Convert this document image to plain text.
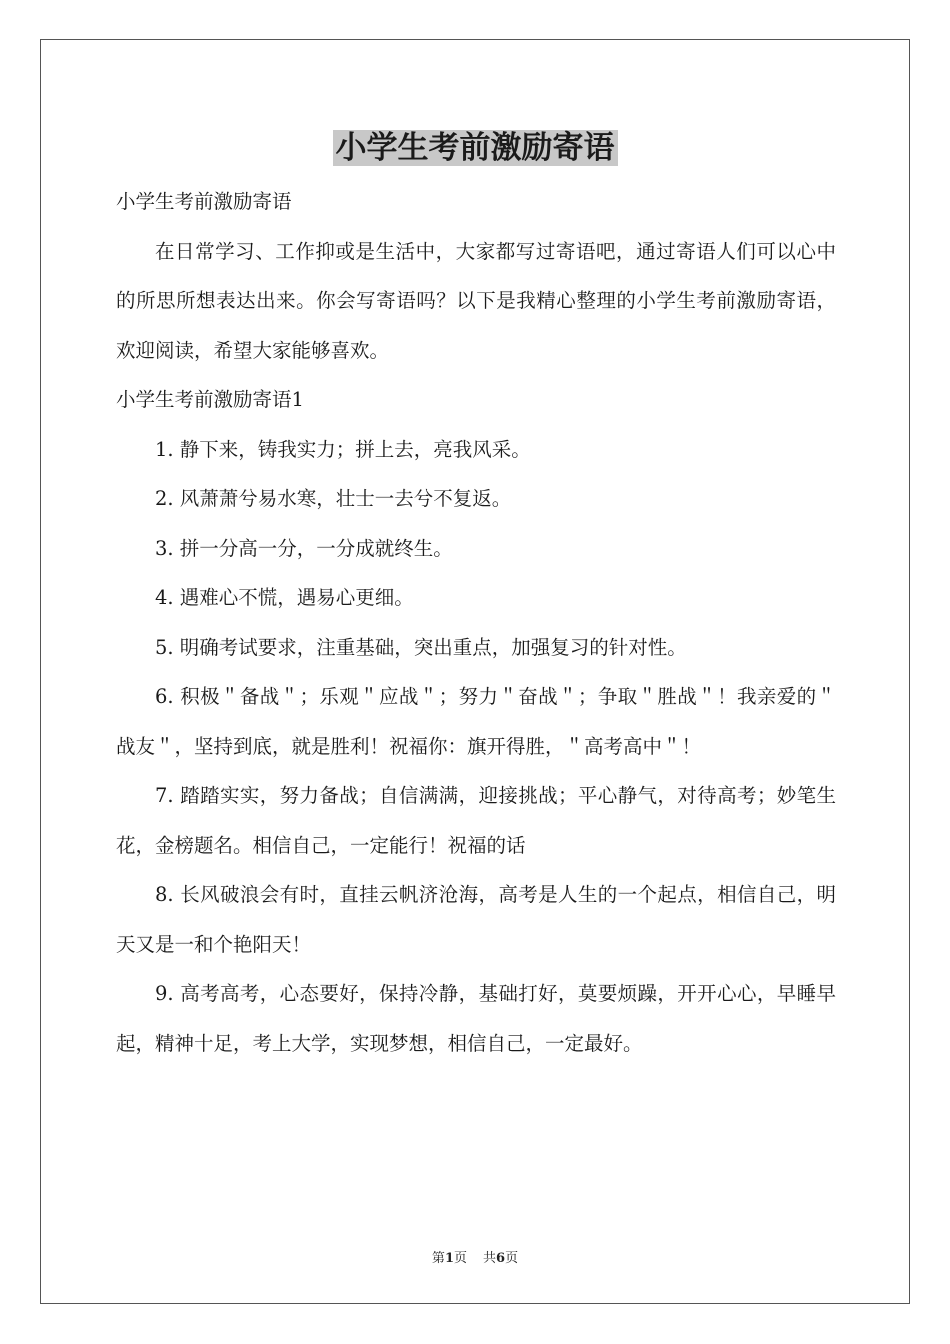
小学生考前激励寄语

小学生考前激励寄语

在日常学习、工作抑或是生活中，大家都写过寄语吧，通过寄语人们可以心中的所思所想表达出来。你会写寄语吗？以下是我精心整理的小学生考前激励寄语，欢迎阅读，希望大家能够喜欢。

小学生考前激励寄语1

1. 静下来，铸我实力；拼上去，亮我风采。

2. 风萧萧兮易水寒，壮士一去兮不复返。

3. 拼一分高一分，一分成就终生。

4. 遇难心不慌，遇易心更细。

5. 明确考试要求，注重基础，突出重点，加强复习的针对性。

6. 积极＂备战＂；乐观＂应战＂；努力＂奋战＂；争取＂胜战＂！我亲爱的＂战友＂，坚持到底，就是胜利！祝福你：旗开得胜，＂高考高中＂！

7. 踏踏实实，努力备战；自信满满，迎接挑战；平心静气，对待高考；妙笔生花，金榜题名。相信自己，一定能行！祝福的话

8. 长风破浪会有时，直挂云帆济沧海，高考是人生的一个起点，相信自己，明天又是一和个艳阳天！

9. 高考高考，心态要好，保持冷静，基础打好，莫要烦躁，开开心心，早睡早起，精神十足，考上大学，实现梦想，相信自己，一定最好。

第1页 共6页
